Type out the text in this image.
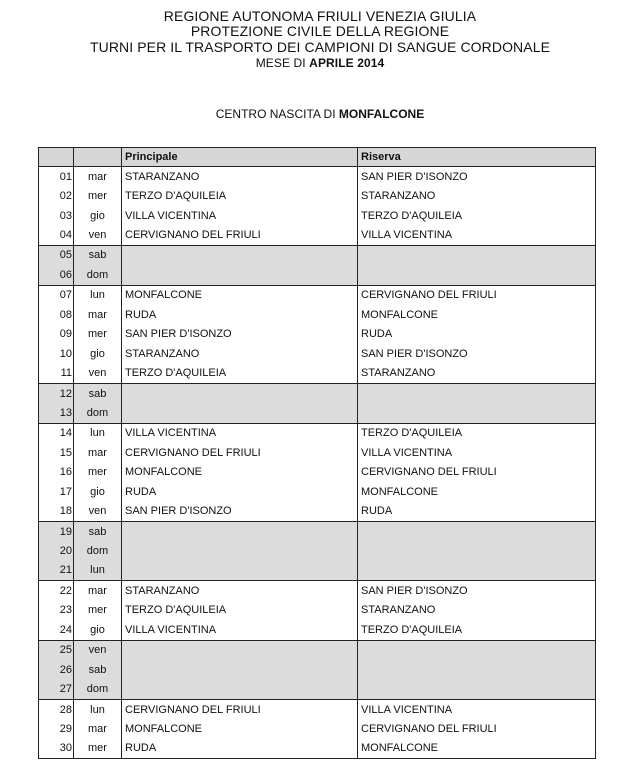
REGIONE AUTONOMA FRIULI VENEZIA GIULIA

PROTEZIONE CIVILE DELLA REGIONE

TURNI PER IL TRASPORTO DEI CAMPIONI DI SANGUE CORDONALE

MESE DI APRILE 2014

CENTRO NASCITA DI MONFALCONE
		Principale	Riserva
01	mar	STARANZANO	SAN PIER D'ISONZO
02	mer	TERZO D'AQUILEIA	STARANZANO
03	gio	VILLA VICENTINA	TERZO D'AQUILEIA
04	ven	CERVIGNANO DEL FRIULI	VILLA VICENTINA
05	sab		
06	dom		
07	lun	MONFALCONE	CERVIGNANO DEL FRIULI
08	mar	RUDA	MONFALCONE
09	mer	SAN PIER D'ISONZO	RUDA
10	gio	STARANZANO	SAN PIER D'ISONZO
11	ven	TERZO D'AQUILEIA	STARANZANO
12	sab		
13	dom		
14	lun	VILLA VICENTINA	TERZO D'AQUILEIA
15	mar	CERVIGNANO DEL FRIULI	VILLA VICENTINA
16	mer	MONFALCONE	CERVIGNANO DEL FRIULI
17	gio	RUDA	MONFALCONE
18	ven	SAN PIER D'ISONZO	RUDA
19	sab		
20	dom		
21	lun		
22	mar	STARANZANO	SAN PIER D'ISONZO
23	mer	TERZO D'AQUILEIA	STARANZANO
24	gio	VILLA VICENTINA	TERZO D'AQUILEIA
25	ven		
26	sab		
27	dom		
28	lun	CERVIGNANO DEL FRIULI	VILLA VICENTINA
29	mar	MONFALCONE	CERVIGNANO DEL FRIULI
30	mer	RUDA	MONFALCONE
